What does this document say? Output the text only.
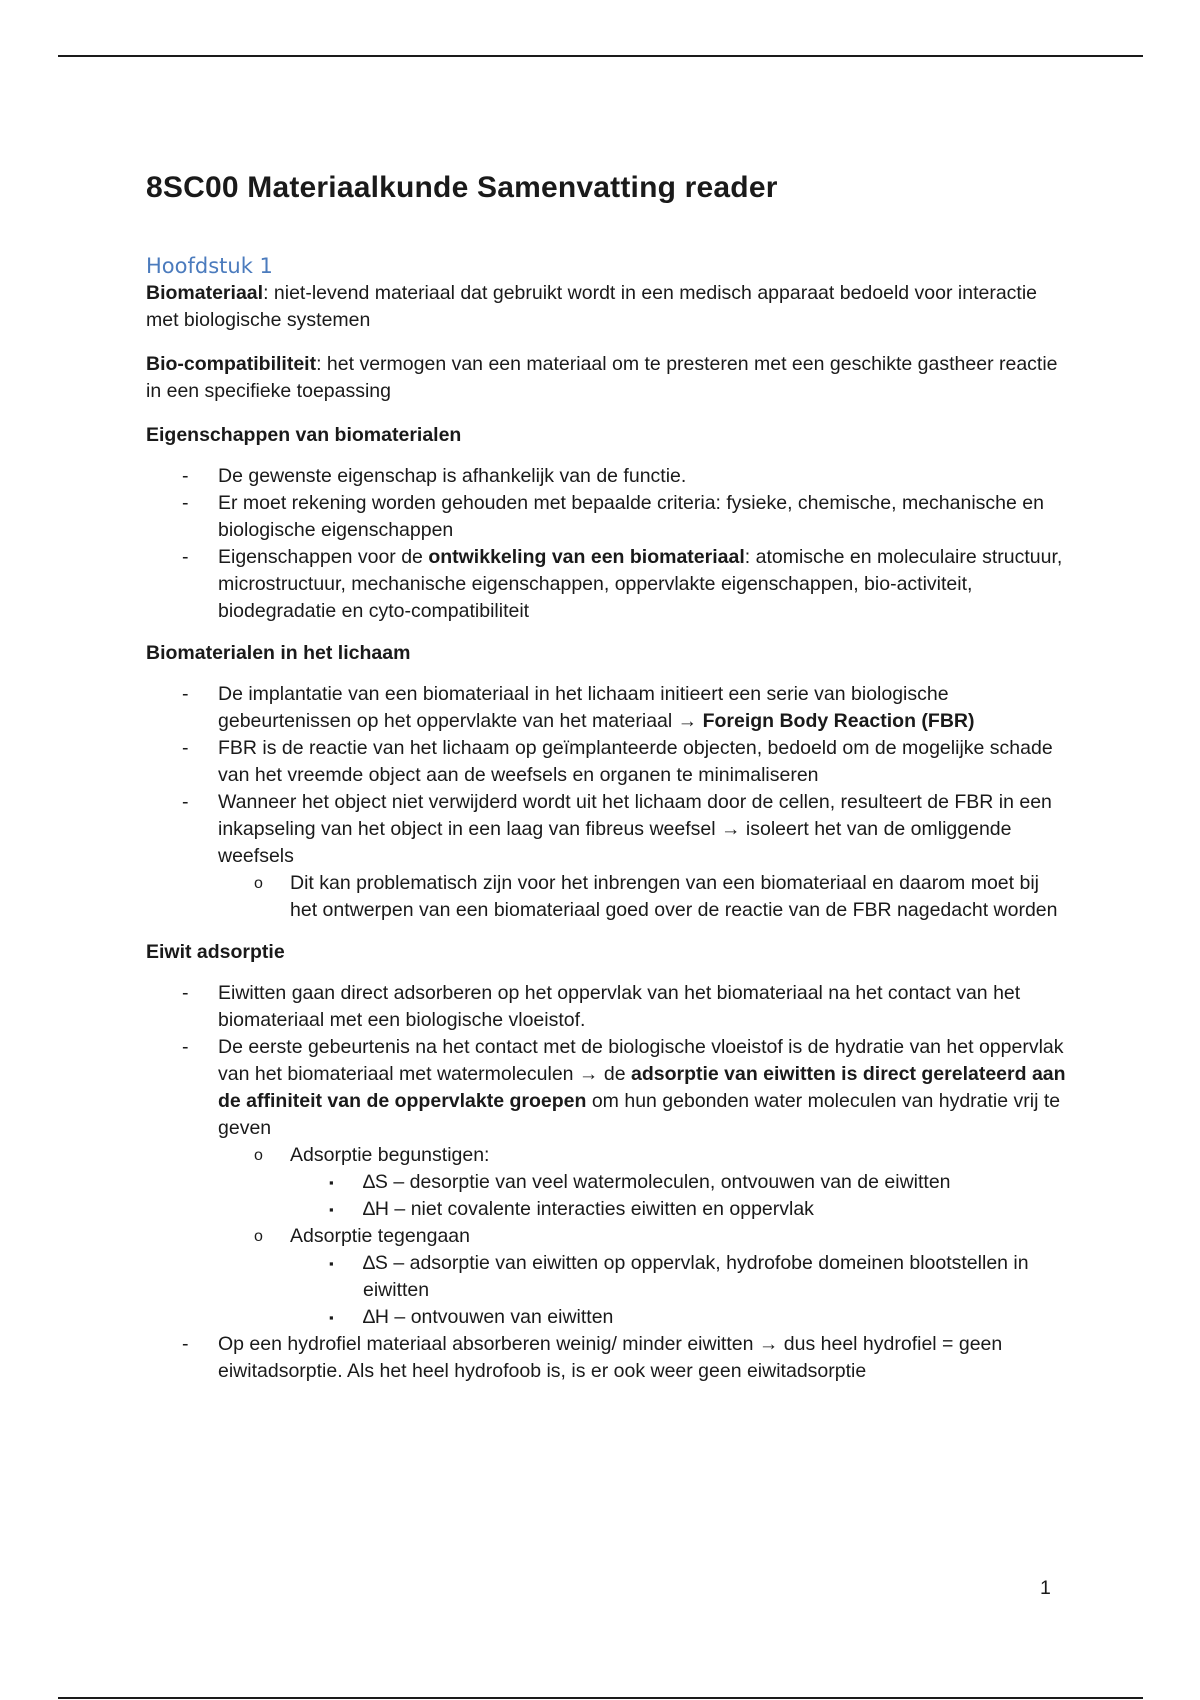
8SC00 Materiaalkunde Samenvatting reader
Hoofdstuk 1

Biomateriaal: niet-levend materiaal dat gebruikt wordt in een medisch apparaat bedoeld voor interactie met biologische systemen

Bio-compatibiliteit: het vermogen van een materiaal om te presteren met een geschikte gastheer reactie in een specifieke toepassing

Eigenschappen van biomaterialen
- De gewenste eigenschap is afhankelijk van de functie.
- Er moet rekening worden gehouden met bepaalde criteria: fysieke, chemische, mechanische en biologische eigenschappen
- Eigenschappen voor de ontwikkeling van een biomateriaal: atomische en moleculaire structuur, microstructuur, mechanische eigenschappen, oppervlakte eigenschappen, bio-activiteit, biodegradatie en cyto-compatibiliteit
Biomaterialen in het lichaam
- De implantatie van een biomateriaal in het lichaam initieert een serie van biologische gebeurtenissen op het oppervlakte van het materiaal → Foreign Body Reaction (FBR)
- FBR is de reactie van het lichaam op geïmplanteerde objecten, bedoeld om de mogelijke schade van het vreemde object aan de weefsels en organen te minimaliseren
- Wanneer het object niet verwijderd wordt uit het lichaam door de cellen, resulteert de FBR in een inkapseling van het object in een laag van fibreus weefsel → isoleert het van de omliggende weefsels
o Dit kan problematisch zijn voor het inbrengen van een biomateriaal en daarom moet bij het ontwerpen van een biomateriaal goed over de reactie van de FBR nagedacht worden
Eiwit adsorptie
- Eiwitten gaan direct adsorberen op het oppervlak van het biomateriaal na het contact van het biomateriaal met een biologische vloeistof.
- De eerste gebeurtenis na het contact met de biologische vloeistof is de hydratie van het oppervlak van het biomateriaal met watermoleculen → de adsorptie van eiwitten is direct gerelateerd aan de affiniteit van de oppervlakte groepen om hun gebonden water moleculen van hydratie vrij te geven
o Adsorptie begunstigen:
▪ ∆S – desorptie van veel watermoleculen, ontvouwen van de eiwitten
▪ ∆H – niet covalente interacties eiwitten en oppervlak
o Adsorptie tegengaan
▪ ∆S – adsorptie van eiwitten op oppervlak, hydrofobe domeinen blootstellen in eiwitten
▪ ∆H – ontvouwen van eiwitten
- Op een hydrofiel materiaal absorberen weinig/ minder eiwitten → dus heel hydrofiel = geen eiwitadsorptie. Als het heel hydrofoob is, is er ook weer geen eiwitadsorptie
1
